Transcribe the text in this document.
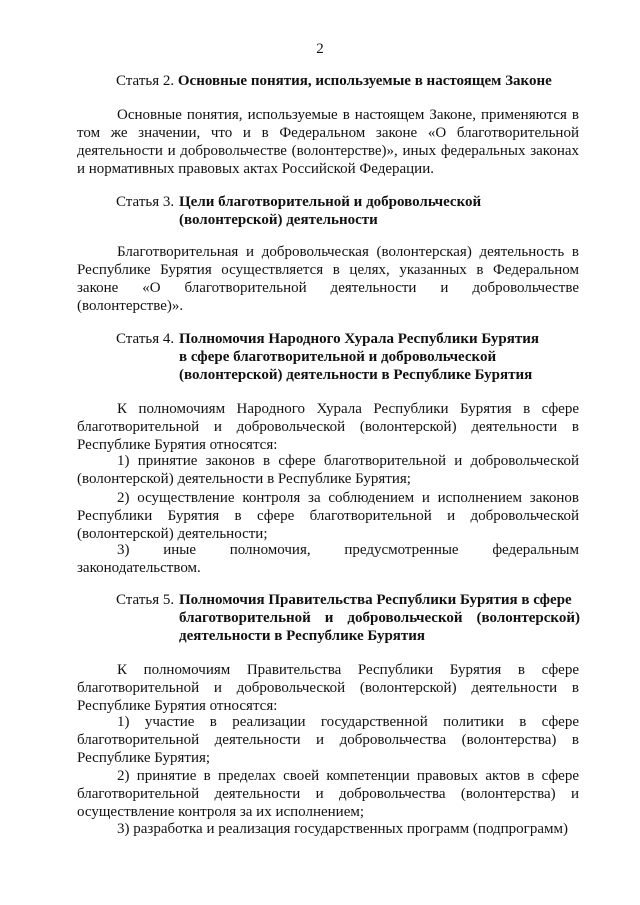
2
Статья 2. Основные понятия, используемые в настоящем Законе

Основные понятия, используемые в настоящем Законе, применяются в том же значении, что и в Федеральном законе «О благотворительной деятельности и добровольчестве (волонтерстве)», иных федеральных законах и нормативных правовых актах Российской Федерации.

Статья 3. Цели благотворительной и добровольческой
(волонтерской) деятельности

Благотворительная и добровольческая (волонтерская) деятельность в Республике Бурятия осуществляется в целях, указанных в Федеральном законе «О благотворительной деятельности и добровольчестве (волонтерстве)».

Статья 4. Полномочия Народного Хурала Республики Бурятия
в сфере благотворительной и добровольческой
(волонтерской) деятельности в Республике Бурятия

К полномочиям Народного Хурала Республики Бурятия в сфере благотворительной и добровольческой (волонтерской) деятельности в Республике Бурятия относятся:

1) принятие законов в сфере благотворительной и добровольческой (волонтерской) деятельности в Республике Бурятия;

2) осуществление контроля за соблюдением и исполнением законов Республики Бурятия в сфере благотворительной и добровольческой (волонтерской) деятельности;

3) иные полномочия, предусмотренные федеральным законодательством.

Статья 5. Полномочия Правительства Республики Бурятия в сфере
благотворительной и добровольческой (волонтерской)
деятельности в Республике Бурятия

К полномочиям Правительства Республики Бурятия в сфере благотворительной и добровольческой (волонтерской) деятельности в Республике Бурятия относятся:

1) участие в реализации государственной политики в сфере благотворительной деятельности и добровольчества (волонтерства) в Республике Бурятия;

2) принятие в пределах своей компетенции правовых актов в сфере благотворительной деятельности и добровольчества (волонтерства) и осуществление контроля за их исполнением;

3) разработка и реализация государственных программ (подпрограмм)
